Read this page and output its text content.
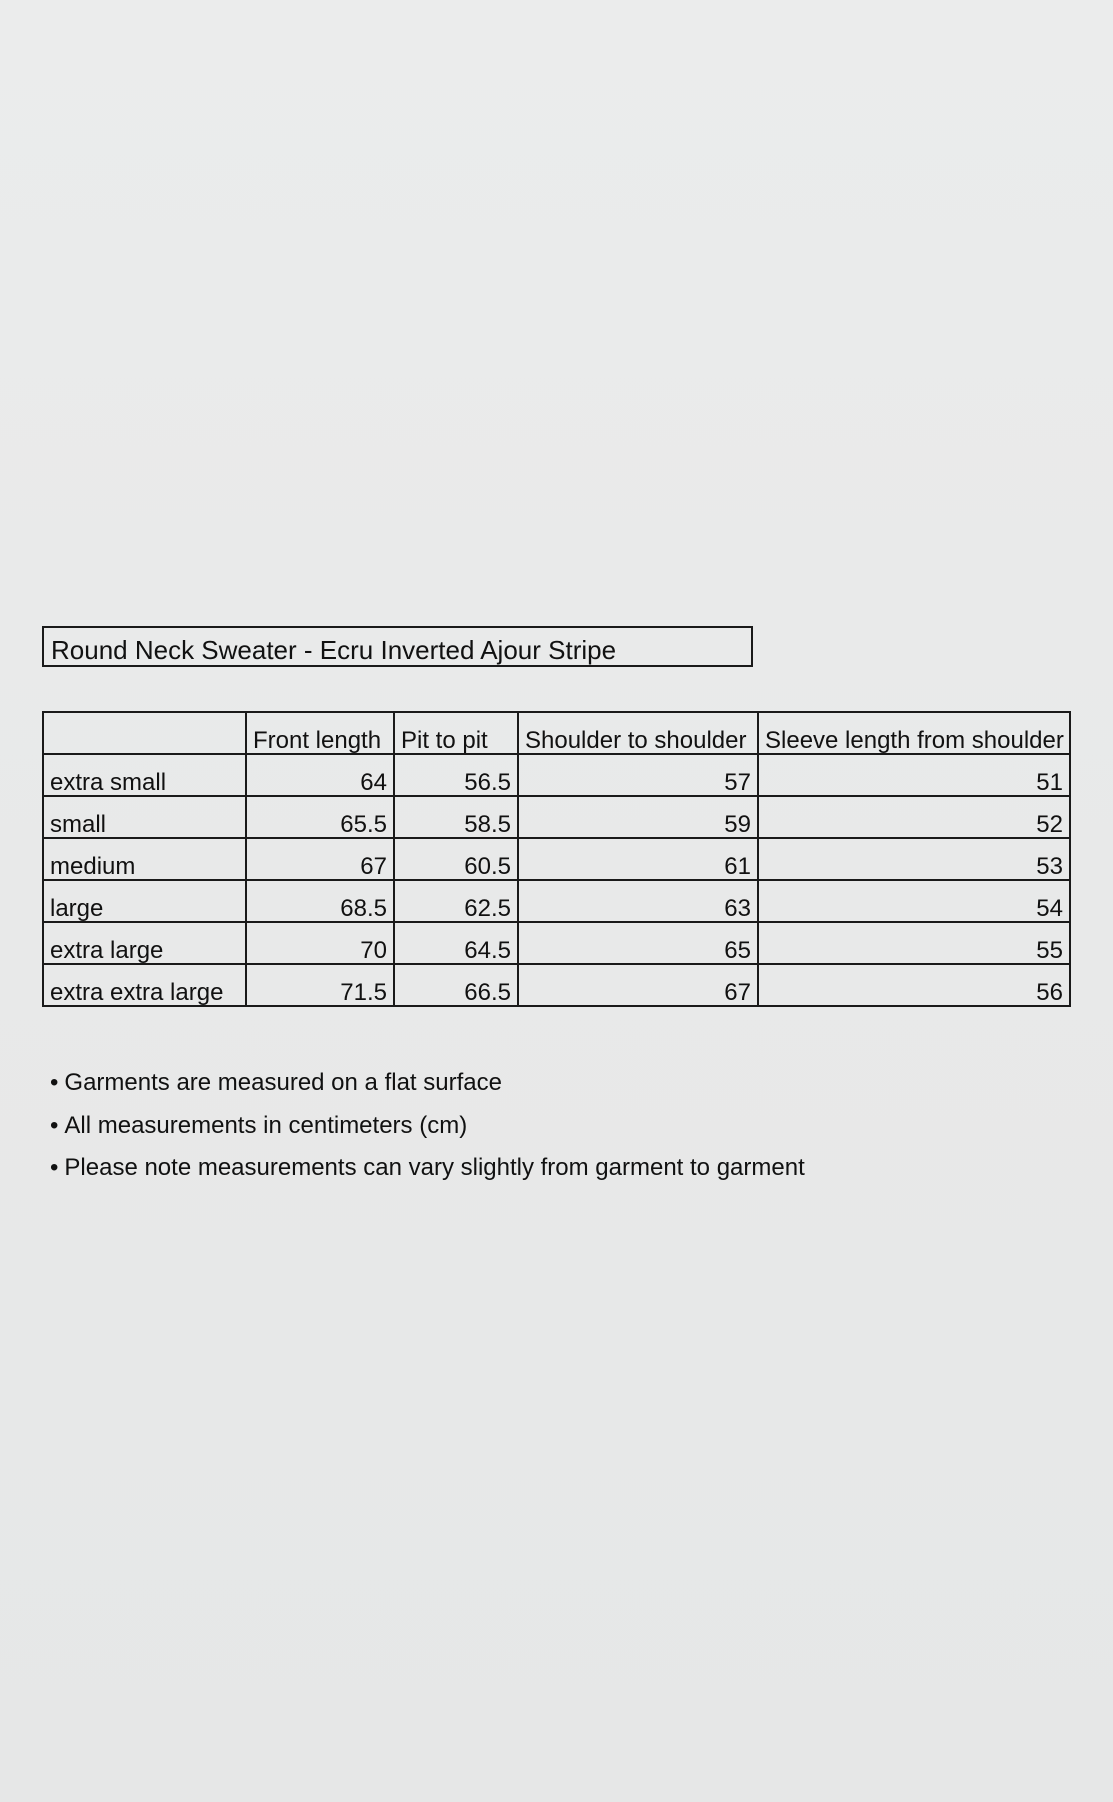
Round Neck Sweater - Ecru Inverted Ajour Stripe
	Front length	Pit to pit	Shoulder to shoulder	Sleeve length from shoulder
extra small	64	56.5	57	51
small	65.5	58.5	59	52
medium	67	60.5	61	53
large	68.5	62.5	63	54
extra large	70	64.5	65	55
extra extra large	71.5	66.5	67	56
• Garments are measured on a flat surface
• All measurements in centimeters (cm)
• Please note measurements can vary slightly from garment to garment
